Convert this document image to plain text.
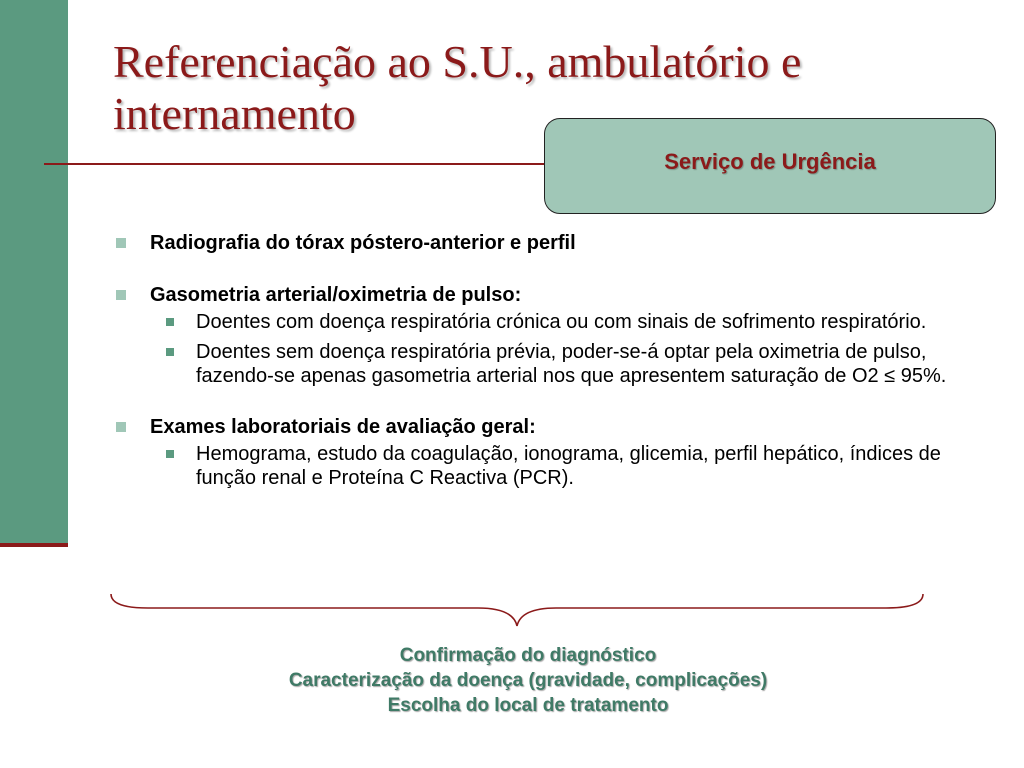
Referenciação ao S.U., ambulatório e
internamento
Serviço de Urgência
Radiografia do tórax póstero-anterior e perfil
Gasometria arterial/oximetria de pulso:
Doentes com doença respiratória crónica ou com sinais de sofrimento respiratório.
Doentes sem doença respiratória prévia, poder-se-á optar pela oximetria de pulso, fazendo-se apenas gasometria arterial nos que apresentem saturação de O2 ≤ 95%.
Exames laboratoriais de avaliação geral:
Hemograma, estudo da coagulação, ionograma, glicemia, perfil hepático, índices de função renal e Proteína C Reactiva (PCR).
Confirmação do diagnóstico
Caracterização da doença (gravidade, complicações)
Escolha do local de tratamento
